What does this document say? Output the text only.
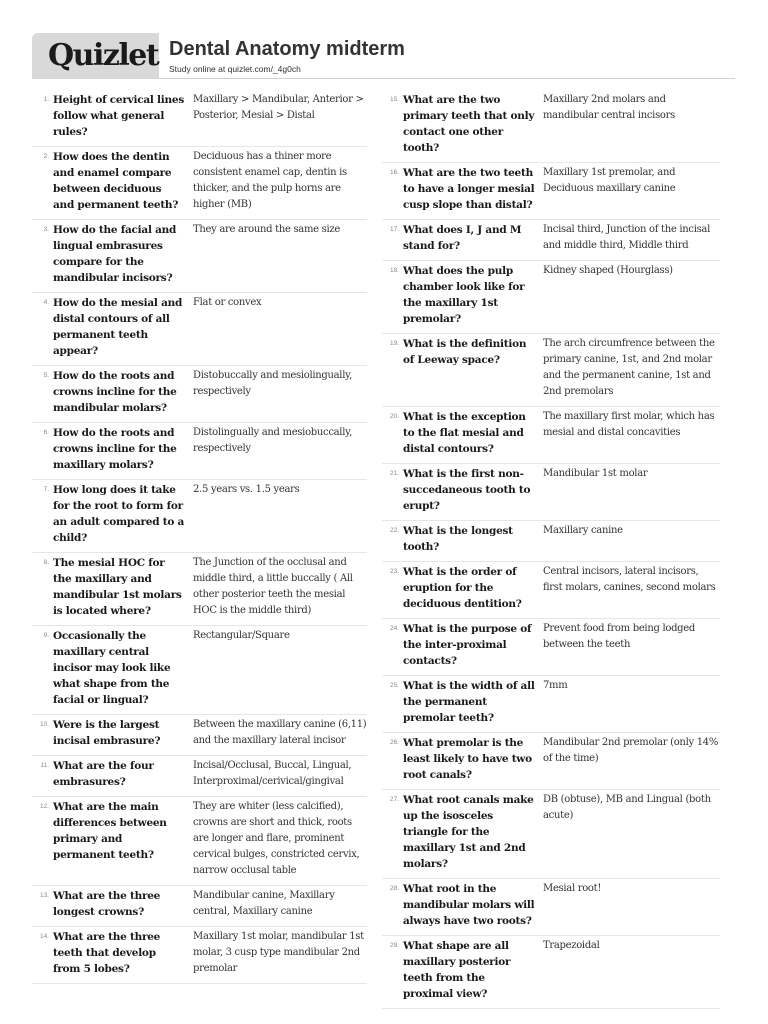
Quizlet Dental Anatomy midterm
Study online at quizlet.com/_4g0ch
1. Height of cervical lines follow what general rules?
Maxillary > Mandibular, Anterior > Posterior, Mesial > Distal
2. How does the dentin and enamel compare between deciduous and permanent teeth?
Deciduous has a thiner more consistent enamel cap, dentin is thicker, and the pulp horns are higher (MB)
3. How do the facial and lingual embrasures compare for the mandibular incisors?
They are around the same size
4. How do the mesial and distal contours of all permanent teeth appear?
Flat or convex
5. How do the roots and crowns incline for the mandibular molars?
Distobuccally and mesiolingually, respectively
6. How do the roots and crowns incline for the maxillary molars?
Distolingually and mesiobuccally, respectively
7. How long does it take for the root to form for an adult compared to a child?
2.5 years vs. 1.5 years
8. The mesial HOC for the maxillary and mandibular 1st molars is located where?
The Junction of the occlusal and middle third, a little buccally ( All other posterior teeth the mesial HOC is the middle third)
9. Occasionally the maxillary central incisor may look like what shape from the facial or lingual?
Rectangular/Square
10. Were is the largest incisal embrasure?
Between the maxillary canine (6,11) and the maxillary lateral incisor
11. What are the four embrasures?
Incisal/Occlusal, Buccal, Lingual, Interproximal/cerivical/gingival
12. What are the main differences between primary and permanent teeth?
They are whiter (less calcified), crowns are short and thick, roots are longer and flare, prominent cervical bulges, constricted cervix, narrow occlusal table
13. What are the three longest crowns?
Mandibular canine, Maxillary central, Maxillary canine
14. What are the three teeth that develop from 5 lobes?
Maxillary 1st molar, mandibular 1st molar, 3 cusp type mandibular 2nd premolar
15. What are the two primary teeth that only contact one other tooth?
Maxillary 2nd molars and mandibular central incisors
16. What are the two teeth to have a longer mesial cusp slope than distal?
Maxillary 1st premolar, and Deciduous maxillary canine
17. What does I, J and M stand for?
Incisal third, Junction of the incisal and middle third, Middle third
18. What does the pulp chamber look like for the maxillary 1st premolar?
Kidney shaped (Hourglass)
19. What is the definition of Leeway space?
The arch circumfrence between the primary canine, 1st, and 2nd molar and the permanent canine, 1st and 2nd premolars
20. What is the exception to the flat mesial and distal contours?
The maxillary first molar, which has mesial and distal concavities
21. What is the first non-succedaneous tooth to erupt?
Mandibular 1st molar
22. What is the longest tooth?
Maxillary canine
23. What is the order of eruption for the deciduous dentition?
Central incisors, lateral incisors, first molars, canines, second molars
24. What is the purpose of the inter-proximal contacts?
Prevent food from being lodged between the teeth
25. What is the width of all the permanent premolar teeth?
7mm
26. What premolar is the least likely to have two root canals?
Mandibular 2nd premolar (only 14% of the time)
27. What root canals make up the isosceles triangle for the maxillary 1st and 2nd molars?
DB (obtuse), MB and Lingual (both acute)
28. What root in the mandibular molars will always have two roots?
Mesial root!
29. What shape are all maxillary posterior teeth from the proximal view?
Trapezoidal
